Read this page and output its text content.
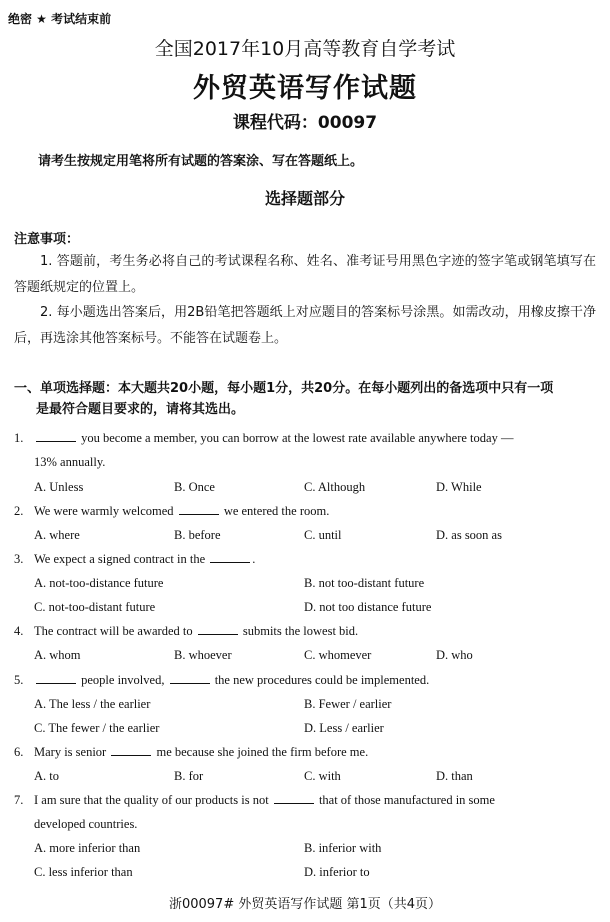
绝密 ★ 考试结束前
全国2017年10月高等教育自学考试
外贸英语写作试题
课程代码：00097
请考生按规定用笔将所有试题的答案涂、写在答题纸上。
选择题部分
注意事项：
1. 答题前，考生务必将自己的考试课程名称、姓名、准考证号用黑色字迹的签字笔或钢笔填写在答题纸规定的位置上。
2. 每小题选出答案后，用2B铅笔把答题纸上对应题目的答案标号涂黑。如需改动，用橡皮擦干净后，再选涂其他答案标号。不能答在试题卷上。
一、单项选择题：本大题共20小题，每小题1分，共20分。在每小题列出的备选项中只有一项
是最符合题目要求的，请将其选出。
1.	you become a member, you can borrow at the lowest rate available anywhere today —
13% annually.
A. Unless	B. Once	C. Although	D. While
2. We were warmly welcomed	we entered the room.
A. where	B. before	C. until	D. as soon as
3. We expect a signed contract in the	.
A. not-too-distance future	B. not too-distant future
C. not-too-distant future	D. not too distance future
4. The contract will be awarded to	submits the lowest bid.
A. whom	B. whoever	C. whomever	D. who
5.	people involved,	the new procedures could be implemented.
A. The less / the earlier	B. Fewer / earlier
C. The fewer / the earlier	D. Less / earlier
6. Mary is senior	me because she joined the firm before me.
A. to	B. for	C. with	D. than
7. I am sure that the quality of our products is not	that of those manufactured in some
developed countries.
A. more inferior than	B. inferior with
C. less inferior than	D. inferior to
浙00097# 外贸英语写作试题 第1页（共4页）
